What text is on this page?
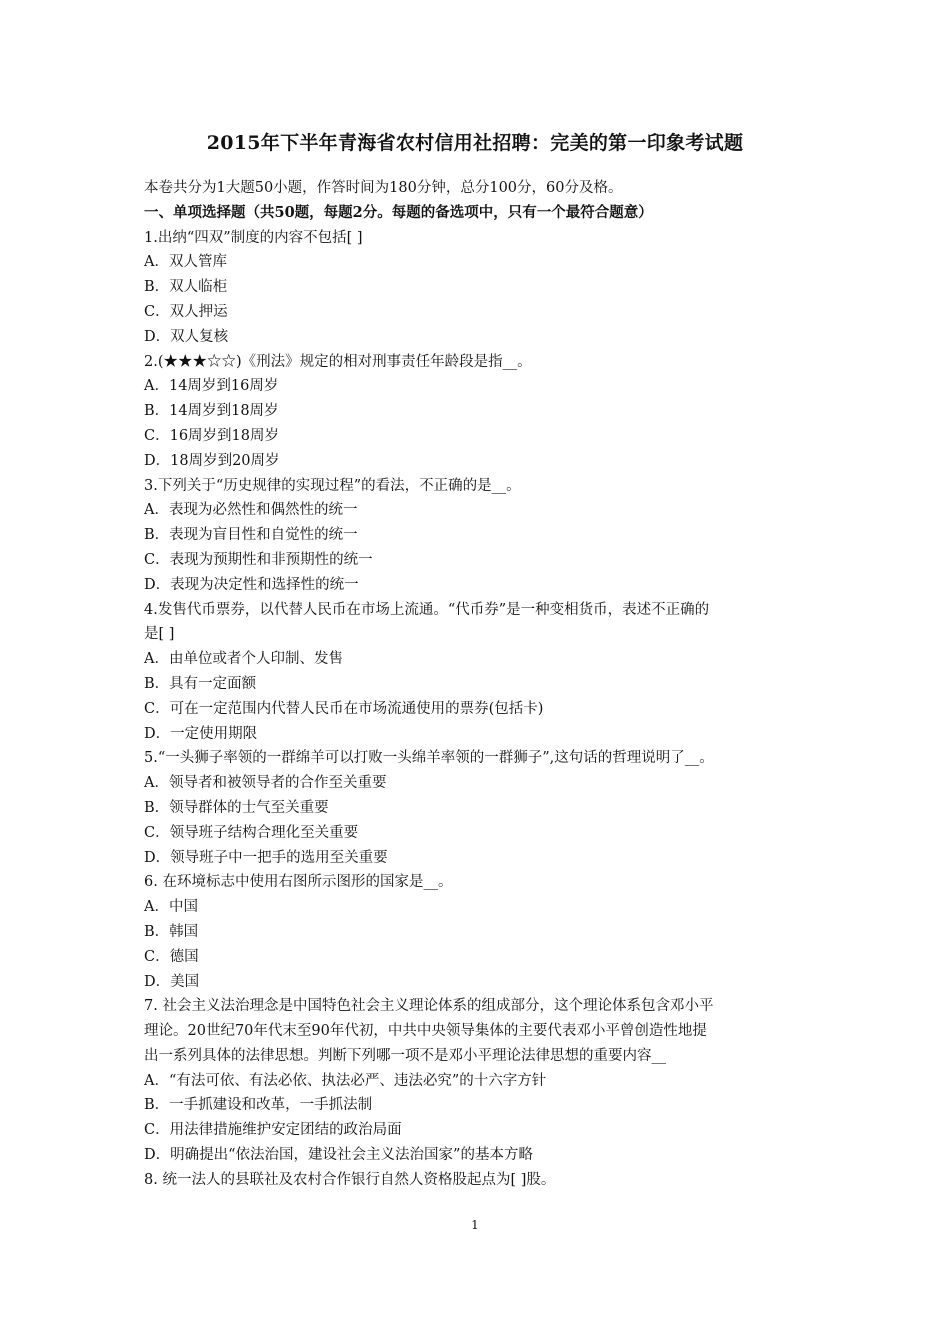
2015年下半年青海省农村信用社招聘：完美的第一印象考试题
本卷共分为1大题50小题，作答时间为180分钟，总分100分，60分及格。
一、单项选择题（共50题，每题2分。每题的备选项中，只有一个最符合题意）
1.出纳“四双”制度的内容不包括[ ]
A．双人管库
B．双人临柜
C．双人押运
D．双人复核
2.(★★★☆☆)《刑法》规定的相对刑事责任年龄段是指__。
A．14周岁到16周岁
B．14周岁到18周岁
C．16周岁到18周岁
D．18周岁到20周岁
3.下列关于“历史规律的实现过程”的看法，不正确的是__。
A．表现为必然性和偶然性的统一
B．表现为盲目性和自觉性的统一
C．表现为预期性和非预期性的统一
D．表现为决定性和选择性的统一
4.发售代币票券，以代替人民币在市场上流通。“代币券”是一种变相货币，表述不正确的
是[ ]
A．由单位或者个人印制、发售
B．具有一定面额
C．可在一定范围内代替人民币在市场流通使用的票券(包括卡)
D．一定使用期限
5.“一头狮子率领的一群绵羊可以打败一头绵羊率领的一群狮子”,这句话的哲理说明了__。
A．领导者和被领导者的合作至关重要
B．领导群体的士气至关重要
C．领导班子结构合理化至关重要
D．领导班子中一把手的选用至关重要
6. 在环境标志中使用右图所示图形的国家是__。
A．中国
B．韩国
C．德国
D．美国
7. 社会主义法治理念是中国特色社会主义理论体系的组成部分，这个理论体系包含邓小平
理论。20世纪70年代末至90年代初，中共中央领导集体的主要代表邓小平曾创造性地提
出一系列具体的法律思想。判断下列哪一项不是邓小平理论法律思想的重要内容__
A．“有法可依、有法必依、执法必严、违法必究”的十六字方针
B．一手抓建设和改革，一手抓法制
C．用法律措施维护安定团结的政治局面
D．明确提出“依法治国，建设社会主义法治国家”的基本方略
8. 统一法人的县联社及农村合作银行自然人资格股起点为[ ]股。
1
